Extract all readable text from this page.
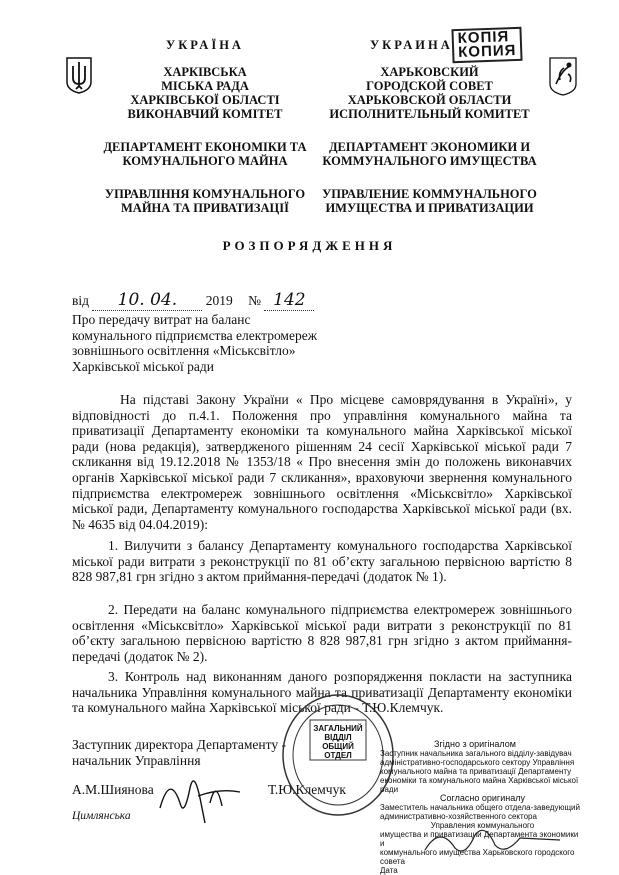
УКРАЇНА
ХАРКІВСЬКА
МІСЬКА РАДА
ХАРКІВСЬКОЇ ОБЛАСТІ
ВИКОНАВЧИЙ КОМІТЕТ
ДЕПАРТАМЕНТ ЕКОНОМІКИ ТА
КОМУНАЛЬНОГО МАЙНА
УПРАВЛІННЯ КОМУНАЛЬНОГО
МАЙНА ТА ПРИВАТИЗАЦІЇ
УКРАИНА
ХАРЬКОВСКИЙ
ГОРОДСКОЙ СОВЕТ
ХАРЬКОВСКОЙ ОБЛАСТИ
ИСПОЛНИТЕЛЬНЫЙ КОМИТЕТ
ДЕПАРТАМЕНТ ЭКОНОМИКИ И
КОММУНАЛЬНОГО ИМУЩЕСТВА
УПРАВЛЕНИЕ КОММУНАЛЬНОГО
ИМУЩЕСТВА И ПРИВАТИЗАЦИИ
КОПІЯ
КОПИЯ
РОЗПОРЯДЖЕННЯ
від 10. 04. 2019 № 142
Про передачу витрат на баланс
комунального підприємства електромереж
зовнішнього освітлення «Міськсвітло»
Харківської міської ради
На підставі Закону України « Про місцеве самоврядування в Україні», у відповідності до п.4.1. Положення про управління комунального майна та приватизації Департаменту економіки та комунального майна Харківської міської ради (нова редакція), затвердженого рішенням 24 сесії Харківської міської ради 7 скликання від 19.12.2018 № 1353/18 « Про внесення змін до положень виконавчих органів Харківської міської ради 7 скликання», враховуючи звернення комунального підприємства електромереж зовнішнього освітлення «Міськсвітло» Харківської міської ради, Департаменту комунального господарства Харківської міської ради (вх. № 4635 від 04.04.2019):
1. Вилучити з балансу Департаменту комунального господарства Харківської міської ради витрати з реконструкції по 81 об’єкту загальною первісною вартістю 8 828 987,81 грн згідно з актом приймання-передачі (додаток № 1).
2. Передати на баланс комунального підприємства електромереж зовнішнього освітлення «Міськсвітло» Харківської міської ради витрати з реконструкції по 81 об’єкту загальною первісною вартістю 8 828 987,81 грн згідно з актом приймання-передачі (додаток № 2).
3. Контроль над виконанням даного розпорядження покласти на заступника начальника Управління комунального майна та приватизації Департаменту економіки та комунального майна Харківської міської ради - Т.Ю.Клемчук.
Заступник директора Департаменту -
начальник Управління
А.М.Шиянова	Т.Ю.Клемчук
Цимлянська
ЗАГАЛЬНИЙ
ВІДДІЛ
ОБЩИЙ ОТДЕЛ
Згідно з оригіналом
Заступник начальника загального відділу-завідувач
адміністративно-господарського сектору Управління
комунального майна та приватизації Департаменту
економіки та комунального майна Харківської міської ради
Согласно оригиналу
Заместитель начальника общего отдела-заведующий
административно-хозяйственного сектора
Управления коммунального
имущества и приватизации Департамента экономики и
коммунального имущества Харьковского городского
совета
Дата
